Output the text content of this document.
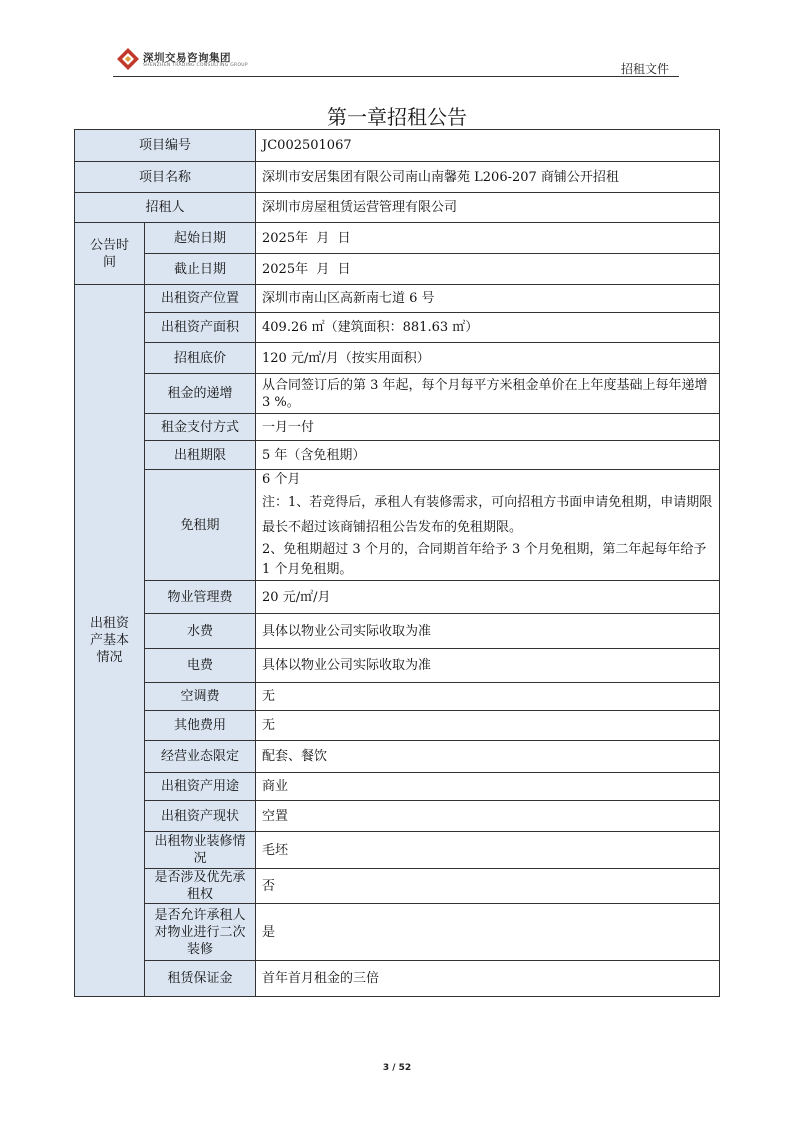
深圳交易咨询集团
SHENZHEN TRADING CONSULTING GROUP	招租文件
第一章招租公告
项目编号		JC002501067
项目名称		深圳市安居集团有限公司南山南馨苑 L206-207 商铺公开招租
招租人		深圳市房屋租赁运营管理有限公司
公告时间	起始日期	2025年  月  日
	截止日期	2025年  月  日
出租资产基本情况	出租资产位置	深圳市南山区高新南七道 6 号
	出租资产面积	409.26 ㎡（建筑面积：881.63 ㎡）
	招租底价	120 元/㎡/月（按实用面积）
	租金的递增	从合同签订后的第 3 年起，每个月每平方米租金单价在上年度基础上每年递增 3 %。
	租金支付方式	一月一付
	出租期限	5 年（含免租期）
	免租期	6 个月

注：1、若竞得后，承租人有装修需求，可向招租方书面申请免租期，申请期限最长不超过该商铺招租公告发布的免租期限。

2、免租期超过 3 个月的，合同期首年给予 3 个月免租期，第二年起每年给予 1 个月免租期。

	物业管理费	20 元/㎡/月
	水费	具体以物业公司实际收取为准
	电费	具体以物业公司实际收取为准
	空调费	无
	其他费用	无
	经营业态限定	配套、餐饮
	出租资产用途	商业
	出租资产现状	空置
	出租物业装修情况	毛坯
	是否涉及优先承租权	否
	是否允许承租人对物业进行二次装修	是
	租赁保证金	首年首月租金的三倍
3 / 52
